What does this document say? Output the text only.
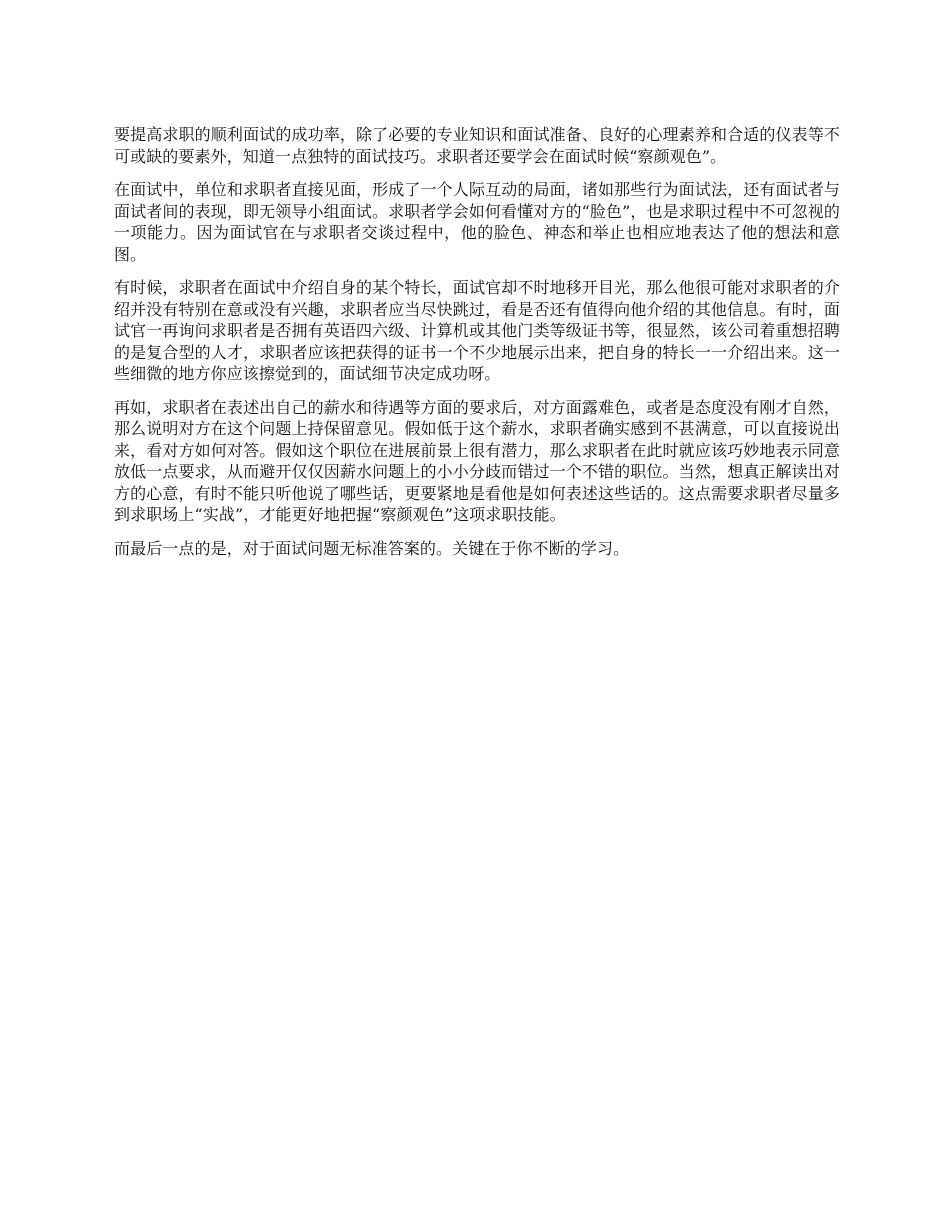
要提高求职的顺利面试的成功率，除了必要的专业知识和面试准备、良好的心理素养和合适的仪表等不可或缺的要素外，知道一点独特的面试技巧。求职者还要学会在面试时候“察颜观色”。

在面试中，单位和求职者直接见面，形成了一个人际互动的局面，诸如那些行为面试法，还有面试者与面试者间的表现，即无领导小组面试。求职者学会如何看懂对方的“脸色”，也是求职过程中不可忽视的一项能力。因为面试官在与求职者交谈过程中，他的脸色、神态和举止也相应地表达了他的想法和意图。

有时候，求职者在面试中介绍自身的某个特长，面试官却不时地移开目光，那么他很可能对求职者的介绍并没有特别在意或没有兴趣，求职者应当尽快跳过，看是否还有值得向他介绍的其他信息。有时，面试官一再询问求职者是否拥有英语四六级、计算机或其他门类等级证书等，很显然，该公司着重想招聘的是复合型的人才，求职者应该把获得的证书一个不少地展示出来，把自身的特长一一介绍出来。这一些细微的地方你应该擦觉到的，面试细节决定成功呀。

再如，求职者在表述出自己的薪水和待遇等方面的要求后，对方面露难色，或者是态度没有刚才自然，那么说明对方在这个问题上持保留意见。假如低于这个薪水，求职者确实感到不甚满意，可以直接说出来，看对方如何对答。假如这个职位在进展前景上很有潜力，那么求职者在此时就应该巧妙地表示同意放低一点要求，从而避开仅仅因薪水问题上的小小分歧而错过一个不错的职位。当然，想真正解读出对方的心意，有时不能只听他说了哪些话，更要紧地是看他是如何表述这些话的。这点需要求职者尽量多到求职场上“实战”，才能更好地把握“察颜观色”这项求职技能。

而最后一点的是，对于面试问题无标准答案的。关键在于你不断的学习。
